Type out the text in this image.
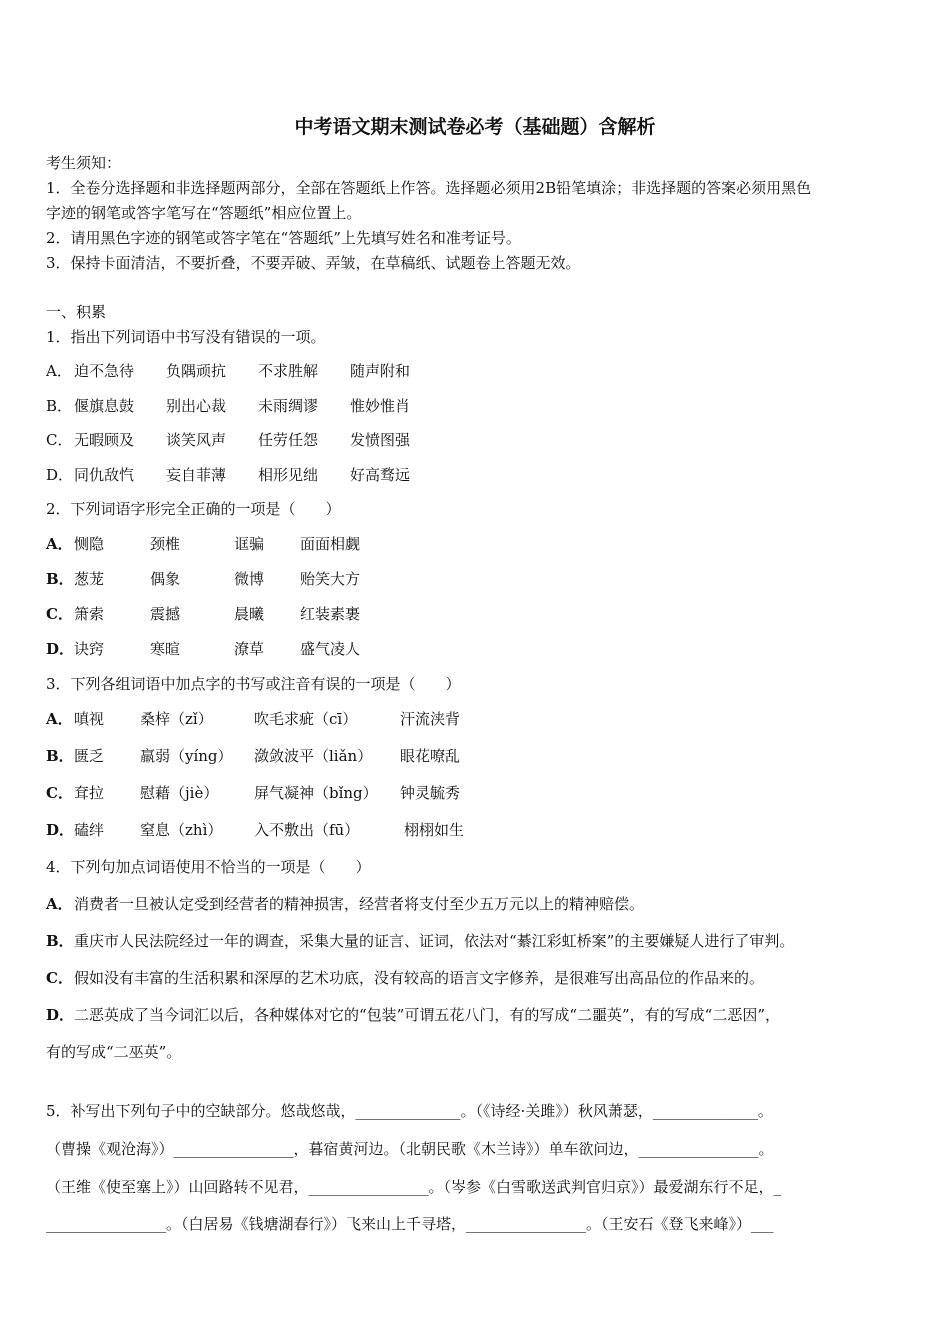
中考语文期末测试卷必考（基础题）含解析
考生须知：
1．全卷分选择题和非选择题两部分，全部在答题纸上作答。选择题必须用2B铅笔填涂；非选择题的答案必须用黑色
字迹的钢笔或答字笔写在“答题纸”相应位置上。
2．请用黑色字迹的钢笔或答字笔在“答题纸”上先填写姓名和准考证号。
3．保持卡面清洁，不要折叠，不要弄破、弄皱，在草稿纸、试题卷上答题无效。
一、积累
1．指出下列词语中书写没有错误的一项。
A． 迫不急待 负隅顽抗 不求胜解 随声附和
B． 偃旗息鼓 别出心裁 未雨绸谬 惟妙惟肖
C． 无暇顾及 谈笑风声 任劳任怨 发愤图强
D．同仇敌忾 妄自菲薄 相形见绌 好高骛远
2．下列词语字形完全正确的一项是（　　）
A．恻隐	颈椎	诓骗 面面相觑
B．葱茏	偶象	微博 贻笑大方
C．箫索	震撼	晨曦 红装素裹
D．诀窍	寒暄	潦草 盛气凌人
3．下列各组词语中加点字的书写或注音有误的一项是（　　）
A．嗔视 桑梓（zǐ）	吹毛求疵（cī）	汗流浃背
B．匮乏 羸弱（yíng） 潋敛波平（liǎn） 眼花嘹乱
C．耷拉 慰藉（jiè） 屏气凝神（bǐng） 钟灵毓秀
D．磕绊 窒息（zhì） 入不敷出（fū）	栩栩如生
4．下列句加点词语使用不恰当的一项是（　　）
A．消费者一旦被认定受到经营者的精神损害，经营者将支付至少五万元以上的精神赔偿。
B．重庆市人民法院经过一年的调查，采集大量的证言、证词，依法对“綦江彩虹桥案”的主要嫌疑人进行了审判。
C．假如没有丰富的生活积累和深厚的艺术功底，没有较高的语言文字修养，是很难写出高品位的作品来的。
D．二恶英成了当今词汇以后，各种媒体对它的“包装”可谓五花八门，有的写成“二噩英”，有的写成“二恶因”，
有的写成“二巫英”。
5．补写出下列句子中的空缺部分。悠哉悠哉，______________。（《诗经·关雎》）秋风萧瑟，______________。
（曹操《观沧海》）________________，暮宿黄河边。（北朝民歌《木兰诗》）单车欲问边，________________。
（王维《使至塞上》）山回路转不见君，________________。（岑参《白雪歌送武判官归京》）最爱湖东行不足，_
________________。（白居易《钱塘湖春行》）飞来山上千寻塔，________________。（王安石《登飞来峰》）___
